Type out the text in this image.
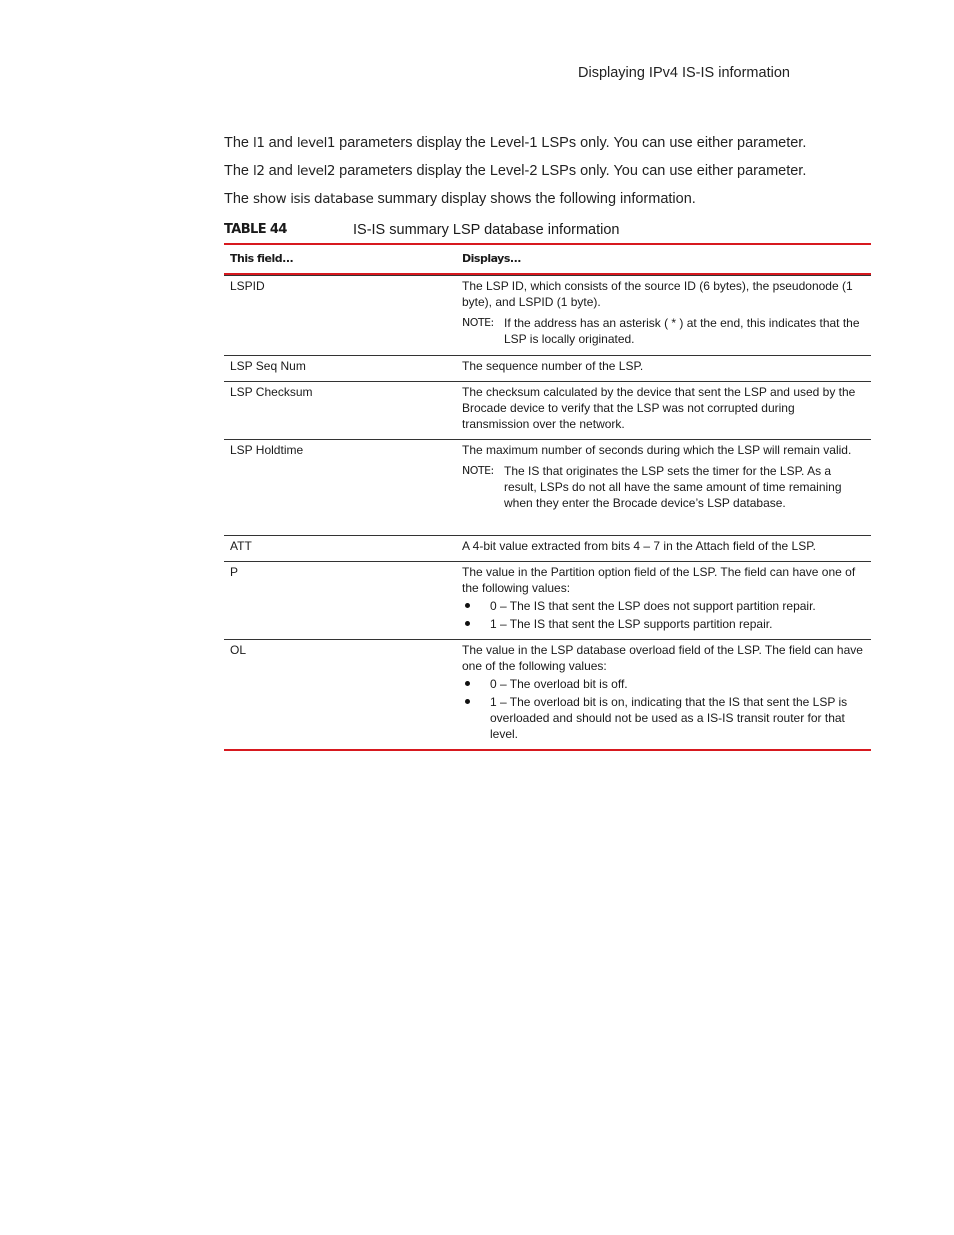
Displaying IPv4 IS-IS information
The l1 and level1 parameters display the Level-1 LSPs only. You can use either parameter.
The l2 and level2 parameters display the Level-2 LSPs only. You can use either parameter.
The show isis database summary display shows the following information.
TABLE 44	IS-IS summary LSP database information
This field...	Displays...
LSPID	The LSP ID, which consists of the source ID (6 bytes), the pseudonode (1 byte), and LSPID (1 byte).
NOTE: If the address has an asterisk ( * ) at the end, this indicates that the LSP is locally originated.
LSP Seq Num	The sequence number of the LSP.
LSP Checksum	The checksum calculated by the device that sent the LSP and used by the Brocade device to verify that the LSP was not corrupted during transmission over the network.
LSP Holdtime	The maximum number of seconds during which the LSP will remain valid.
NOTE: The IS that originates the LSP sets the timer for the LSP. As a result, LSPs do not all have the same amount of time remaining when they enter the Brocade device’s LSP database.
ATT	A 4-bit value extracted from bits 4 – 7 in the Attach field of the LSP.
P	The value in the Partition option field of the LSP. The field can have one of the following values:
0 – The IS that sent the LSP does not support partition repair.
1 – The IS that sent the LSP supports partition repair.
OL	The value in the LSP database overload field of the LSP. The field can have one of the following values:
0 – The overload bit is off.
1 – The overload bit is on, indicating that the IS that sent the LSP is overloaded and should not be used as a IS-IS transit router for that level.
